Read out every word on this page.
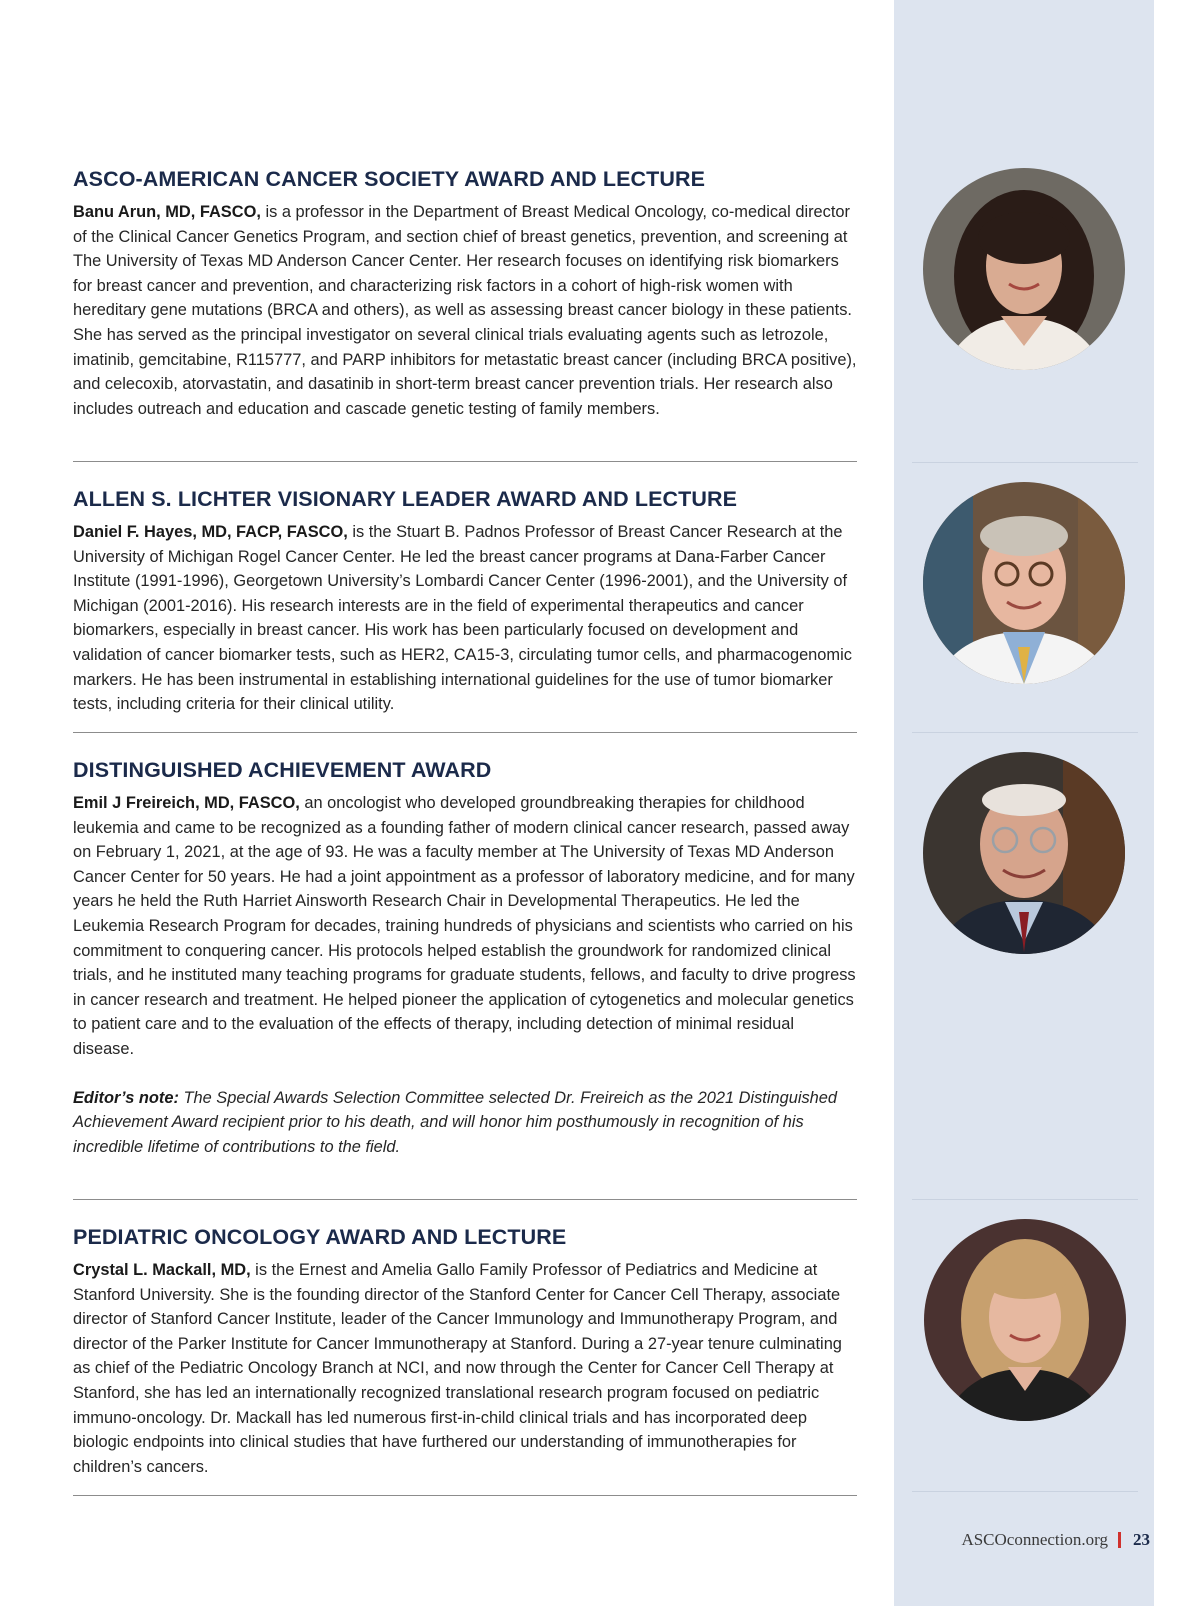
ASCO-AMERICAN CANCER SOCIETY AWARD AND LECTURE

Banu Arun, MD, FASCO, is a professor in the Department of Breast Medical Oncology, co-medical director of the Clinical Cancer Genetics Program, and section chief of breast genetics, prevention, and screening at The University of Texas MD Anderson Cancer Center. Her research focuses on identifying risk biomarkers for breast cancer and prevention, and characterizing risk factors in a cohort of high-risk women with hereditary gene mutations (BRCA and others), as well as assessing breast cancer biology in these patients. She has served as the principal investigator on several clinical trials evaluating agents such as letrozole, imatinib, gemcitabine, R115777, and PARP inhibitors for metastatic breast cancer (including BRCA positive), and celecoxib, atorvastatin, and dasatinib in short-term breast cancer prevention trials. Her research also includes outreach and education and cascade genetic testing of family members.

ALLEN S. LICHTER VISIONARY LEADER AWARD AND LECTURE

Daniel F. Hayes, MD, FACP, FASCO, is the Stuart B. Padnos Professor of Breast Cancer Research at the University of Michigan Rogel Cancer Center. He led the breast cancer programs at Dana-Farber Cancer Institute (1991-1996), Georgetown University’s Lombardi Cancer Center (1996-2001), and the University of Michigan (2001-2016). His research interests are in the field of experimental therapeutics and cancer biomarkers, especially in breast cancer. His work has been particularly focused on development and validation of cancer biomarker tests, such as HER2, CA15-3, circulating tumor cells, and pharmacogenomic markers. He has been instrumental in establishing international guidelines for the use of tumor biomarker tests, including criteria for their clinical utility.

DISTINGUISHED ACHIEVEMENT AWARD

Emil J Freireich, MD, FASCO, an oncologist who developed groundbreaking therapies for childhood leukemia and came to be recognized as a founding father of modern clinical cancer research, passed away on February 1, 2021, at the age of 93. He was a faculty member at The University of Texas MD Anderson Cancer Center for 50 years. He had a joint appointment as a professor of laboratory medicine, and for many years he held the Ruth Harriet Ainsworth Research Chair in Developmental Therapeutics. He led the Leukemia Research Program for decades, training hundreds of physicians and scientists who carried on his commitment to conquering cancer. His protocols helped establish the groundwork for randomized clinical trials, and he instituted many teaching programs for graduate students, fellows, and faculty to drive progress in cancer research and treatment. He helped pioneer the application of cytogenetics and molecular genetics to patient care and to the evaluation of the effects of therapy, including detection of minimal residual disease.

Editor’s note: The Special Awards Selection Committee selected Dr. Freireich as the 2021 Distinguished Achievement Award recipient prior to his death, and will honor him posthumously in recognition of his incredible lifetime of contributions to the field.

PEDIATRIC ONCOLOGY AWARD AND LECTURE

Crystal L. Mackall, MD, is the Ernest and Amelia Gallo Family Professor of Pediatrics and Medicine at Stanford University. She is the founding director of the Stanford Center for Cancer Cell Therapy, associate director of Stanford Cancer Institute, leader of the Cancer Immunology and Immunotherapy Program, and director of the Parker Institute for Cancer Immunotherapy at Stanford. During a 27-year tenure culminating as chief of the Pediatric Oncology Branch at NCI, and now through the Center for Cancer Cell Therapy at Stanford, she has led an internationally recognized translational research program focused on pediatric immuno-oncology. Dr. Mackall has led numerous first-in-child clinical trials and has incorporated deep biologic endpoints into clinical studies that have furthered our understanding of immunotherapies for children’s cancers.

ASCOconnection.org 23
